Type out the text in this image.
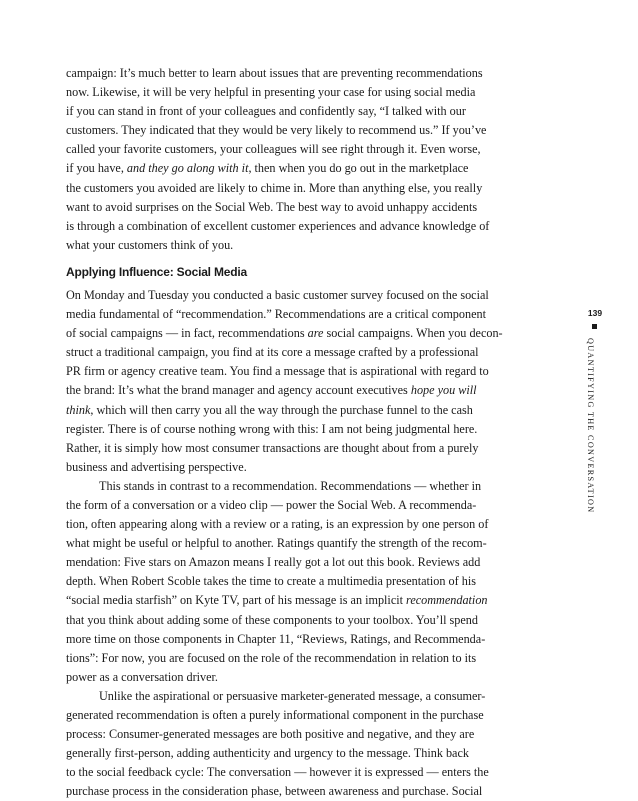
campaign: It’s much better to learn about issues that are preventing recommendations
now. Likewise, it will be very helpful in presenting your case for using social media
if you can stand in front of your colleagues and confidently say, “I talked with our
customers. They indicated that they would be very likely to recommend us.” If you’ve
called your favorite customers, your colleagues will see right through it. Even worse,
if you have, and they go along with it, then when you do go out in the marketplace
the customers you avoided are likely to chime in. More than anything else, you really
want to avoid surprises on the Social Web. The best way to avoid unhappy accidents
is through a combination of excellent customer experiences and advance knowledge of
what your customers think of you.
Applying Influence: Social Media
On Monday and Tuesday you conducted a basic customer survey focused on the social
media fundamental of “recommendation.” Recommendations are a critical component
of social campaigns — in fact, recommendations are social campaigns. When you decon-
struct a traditional campaign, you find at its core a message crafted by a professional
PR firm or agency creative team. You find a message that is aspirational with regard to
the brand: It’s what the brand manager and agency account executives hope you will
think, which will then carry you all the way through the purchase funnel to the cash
register. There is of course nothing wrong with this: I am not being judgmental here.
Rather, it is simply how most consumer transactions are thought about from a purely
business and advertising perspective.
This stands in contrast to a recommendation. Recommendations — whether in
the form of a conversation or a video clip — power the Social Web. A recommenda-
tion, often appearing along with a review or a rating, is an expression by one person of
what might be useful or helpful to another. Ratings quantify the strength of the recom-
mendation: Five stars on Amazon means I really got a lot out this book. Reviews add
depth. When Robert Scoble takes the time to create a multimedia presentation of his
“social media starfish” on Kyte TV, part of his message is an implicit recommendation
that you think about adding some of these components to your toolbox. You’ll spend
more time on those components in Chapter 11, “Reviews, Ratings, and Recommenda-
tions”: For now, you are focused on the role of the recommendation in relation to its
power as a conversation driver.
Unlike the aspirational or persuasive marketer-generated message, a consumer-
generated recommendation is often a purely informational component in the purchase
process: Consumer-generated messages are both positive and negative, and they are
generally first-person, adding authenticity and urgency to the message. Think back
to the social feedback cycle: The conversation — however it is expressed — enters the
purchase process in the consideration phase, between awareness and purchase. Social
139
QUANTIFYING THE CONVERSATION
